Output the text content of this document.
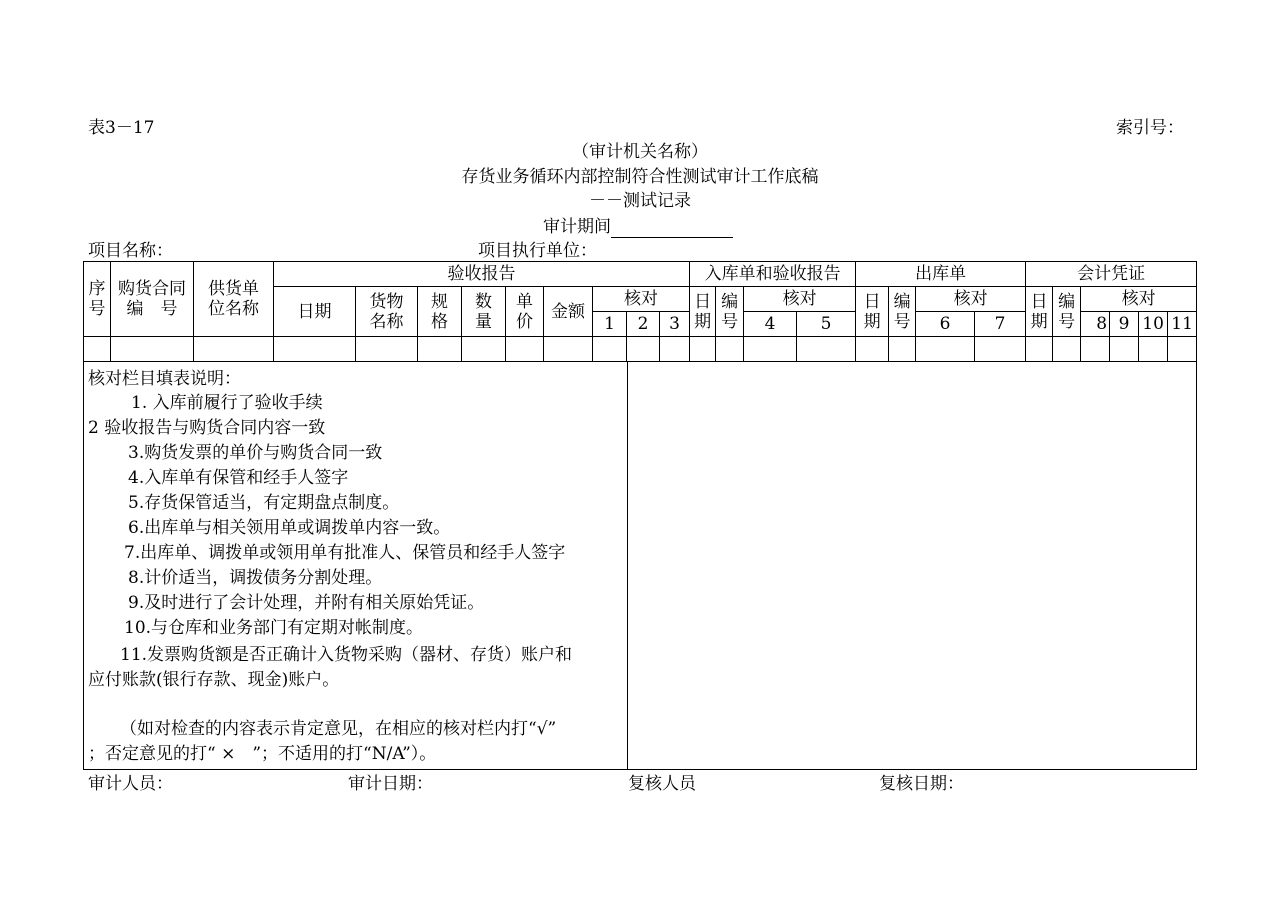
表3－17	索引号：
（审计机关名称）
存货业务循环内部控制符合性测试审计工作底稿
－－测试记录
审计期间
项目名称：	项目执行单位：
序号	购货合同　编　号	供货单位名称	验收报告									入库单和验收报告				出库单				会计凭证					
			日期	货物名称	规格	数量	单价	金额	核对			日期	编号	核对		日期	编号	核对		日期	编号	核对			
									1	2	3			4	5			6	7			8	9	10	11

核对栏目填表说明：
1. 入库前履行了验收手续
2 验收报告与购货合同内容一致
3.购货发票的单价与购货合同一致
4.入库单有保管和经手人签字
5.存货保管适当，有定期盘点制度。
6.出库单与相关领用单或调拨单内容一致。
7.出库单、调拨单或领用单有批准人、保管员和经手人签字
8.计价适当，调拨债务分割处理。
9.及时进行了会计处理，并附有相关原始凭证。
10.与仓库和业务部门有定期对帐制度。
11.发票购货额是否正确计入货物采购（器材、存货）账户和
应付账款(银行存款、现金)账户。
（如对检查的内容表示肯定意见，在相应的核对栏内打“√”
；否定意见的打“ ×　”；不适用的打“N/A”）。
审计人员：	审计日期：	复核人员	复核日期：
